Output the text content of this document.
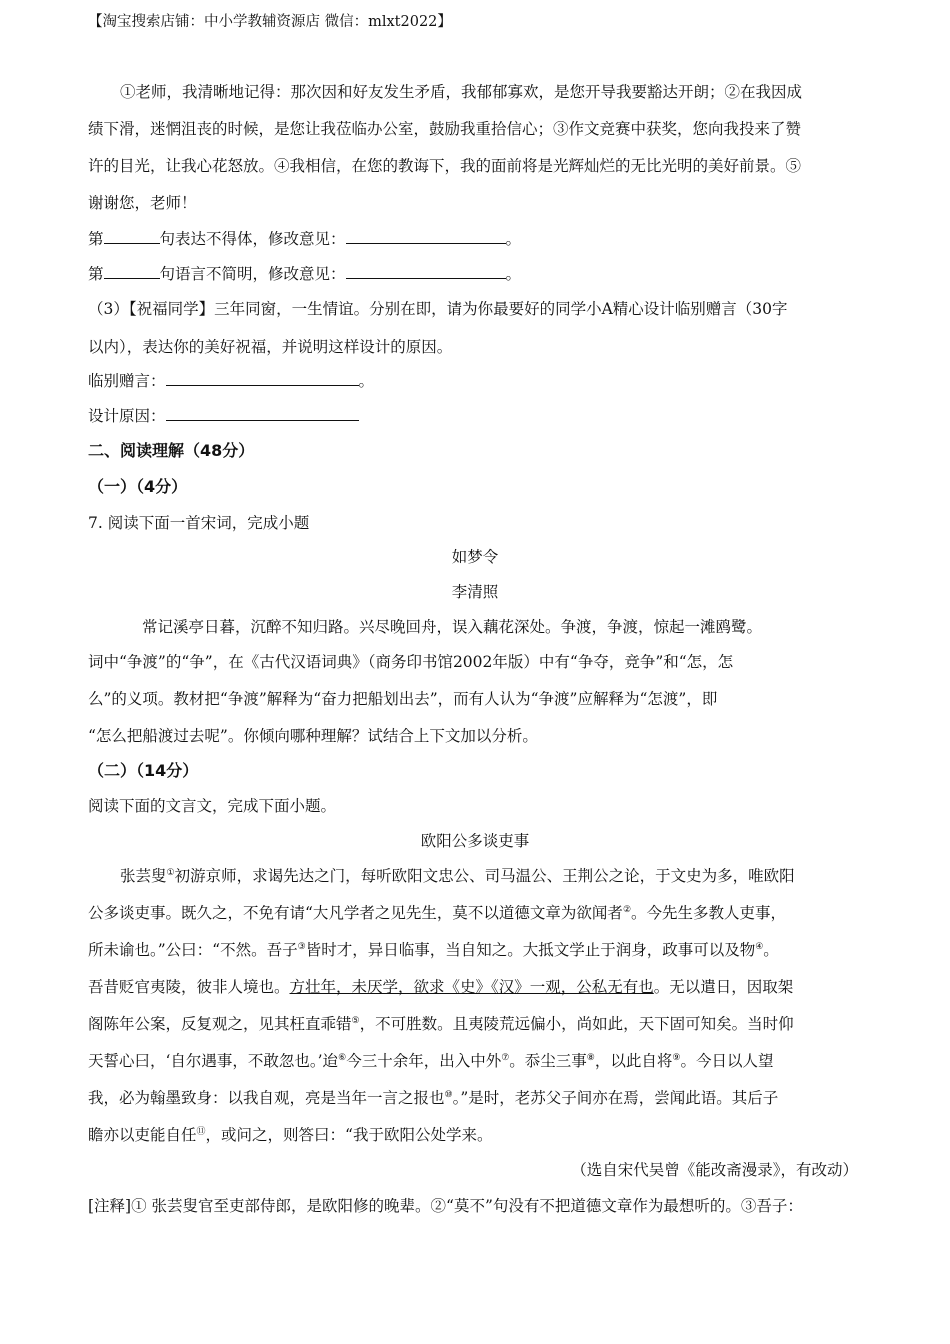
【淘宝搜索店铺：中小学教辅资源店 微信：mlxt2022】
①老师，我清晰地记得：那次因和好友发生矛盾，我郁郁寡欢，是您开导我要豁达开朗；②在我因成
绩下滑，迷惘沮丧的时候，是您让我莅临办公室，鼓励我重拾信心；③作文竞赛中获奖，您向我投来了赞
许的目光，让我心花怒放。④我相信，在您的教诲下，我的面前将是光辉灿烂的无比光明的美好前景。⑤
谢谢您，老师！
第	句表达不得体，修改意见：	。
第	句语言不简明，修改意见：	。
（3）【祝福同学】三年同窗，一生情谊。分别在即，请为你最要好的同学小A精心设计临别赠言（30字
以内），表达你的美好祝福，并说明这样设计的原因。
临别赠言：	。
设计原因：
二、阅读理解（48分）
（一）（4分）
7. 阅读下面一首宋词，完成小题
如梦令
李清照
常记溪亭日暮，沉醉不知归路。兴尽晚回舟，误入藕花深处。争渡，争渡，惊起一滩鸥鹭。
词中“争渡”的“争”，在《古代汉语词典》（商务印书馆2002年版）中有“争夺，竞争”和“怎，怎
么”的义项。教材把“争渡”解释为“奋力把船划出去”，而有人认为“争渡”应解释为“怎渡”，即
“怎么把船渡过去呢”。你倾向哪种理解？试结合上下文加以分析。
（二）（14分）
阅读下面的文言文，完成下面小题。
欧阳公多谈吏事
张芸叟①初游京师，求谒先达之门，每听欧阳文忠公、司马温公、王荆公之论，于文史为多，唯欧阳
公多谈吏事。既久之，不免有请“大凡学者之见先生，莫不以道德文章为欲闻者②。今先生多教人吏事，
所未谕也。”公曰：“不然。吾子③皆时才，异日临事，当自知之。大抵文学止于润身，政事可以及物④。
吾昔贬官夷陵，彼非人境也。方壮年，未厌学，欲求《史》《汉》一观，公私无有也。无以遣日，因取架
阁陈年公案，反复观之，见其枉直乖错⑤，不可胜数。且夷陵荒远偏小，尚如此，天下固可知矣。当时仰
天誓心曰，‘自尔遇事，不敢忽也。’迨⑥今三十余年，出入中外⑦。忝尘三事⑧，以此自将⑨。今日以人望
我，必为翰墨致身：以我自观，亮是当年一言之报也⑩。”是时，老苏父子间亦在焉，尝闻此语。其后子
瞻亦以吏能自任⑪，或问之，则答曰：“我于欧阳公处学来。
（选自宋代吴曾《能改斋漫录》，有改动）
[注释]① 张芸叟官至吏部侍郎，是欧阳修的晚辈。②“莫不”句没有不把道德文章作为最想听的。③吾子：
